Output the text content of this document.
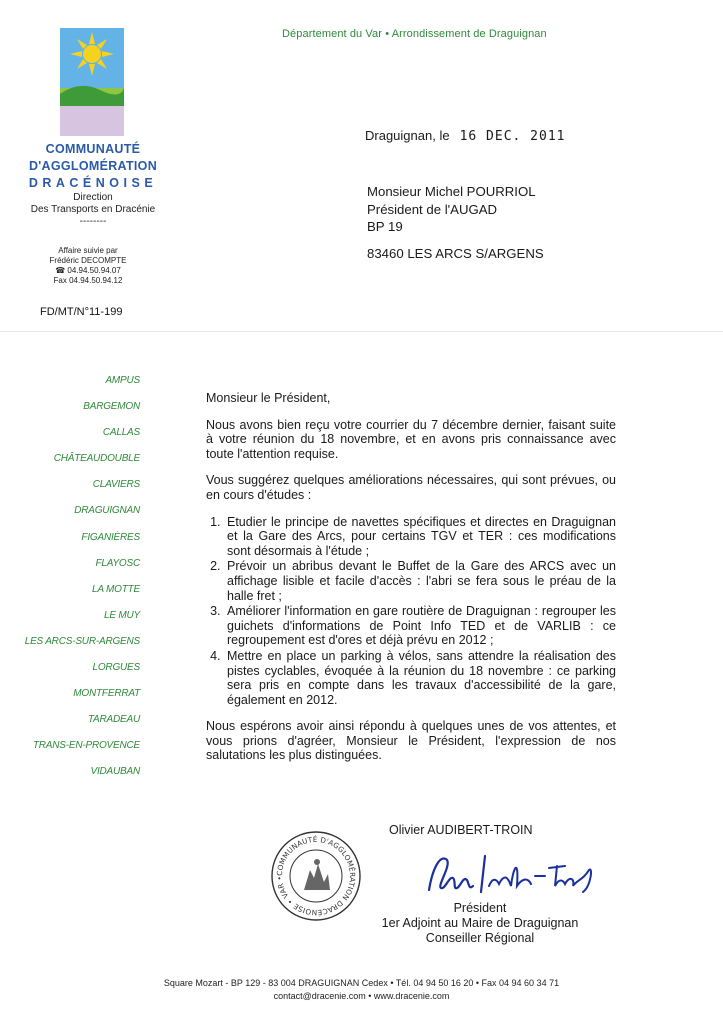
Département du Var • Arrondissement de Draguignan
COMMUNAUTÉ
D'AGGLOMÉRATION
DRACÉNOISE
Direction
Des Transports en Dracénie
--------
Affaire suivie par
Frédéric DECOMPTE
☎ 04.94.50.94.07
Fax 04.94.50.94.12
FD/MT/N°11-199
Draguignan, le 16 DEC. 2011
Monsieur Michel POURRIOL
Président de l'AUGAD
BP 19
83460 LES ARCS S/ARGENS
AMPUS
BARGEMON
CALLAS
CHÂTEAUDOUBLE
CLAVIERS
DRAGUIGNAN
FIGANIÈRES
FLAYOSC
LA MOTTE
LE MUY
LES ARCS-SUR-ARGENS
LORGUES
MONTFERRAT
TARADEAU
TRANS-EN-PROVENCE
VIDAUBAN

Monsieur le Président,

Nous avons bien reçu votre courrier du 7 décembre dernier, faisant suite à votre réunion du 18 novembre, et en avons pris connaissance avec toute l'attention requise.

Vous suggérez quelques améliorations nécessaires, qui sont prévues, ou en cours d'études :

1. Etudier le principe de navettes spécifiques et directes en Draguignan et la Gare des Arcs, pour certains TGV et TER : ces modifications sont désormais à l'étude ;
2. Prévoir un abribus devant le Buffet de la Gare des ARCS avec un affichage lisible et facile d'accès : l'abri se fera sous le préau de la halle fret ;
3. Améliorer l'information en gare routière de Draguignan : regrouper les guichets d'informations de Point Info TED et de VARLIB : ce regroupement est d'ores et déjà prévu en 2012 ;
4. Mettre en place un parking à vélos, sans attendre la réalisation des pistes cyclables, évoquée à la réunion du 18 novembre : ce parking sera pris en compte dans les travaux d'accessibilité de la gare, également en 2012.

Nous espérons avoir ainsi répondu à quelques unes de vos attentes, et vous prions d'agréer, Monsieur le Président, l'expression de nos salutations les plus distinguées.

Olivier AUDIBERT-TROIN
COMMUNAUTÉ D'AGGLOMÉRATION DRACÉNOISE • VAR •
Président
1er Adjoint au Maire de Draguignan
Conseiller Régional
Square Mozart - BP 129 - 83 004 DRAGUIGNAN Cedex • Tél. 04 94 50 16 20 • Fax 04 94 60 34 71
contact@dracenie.com • www.dracenie.com
